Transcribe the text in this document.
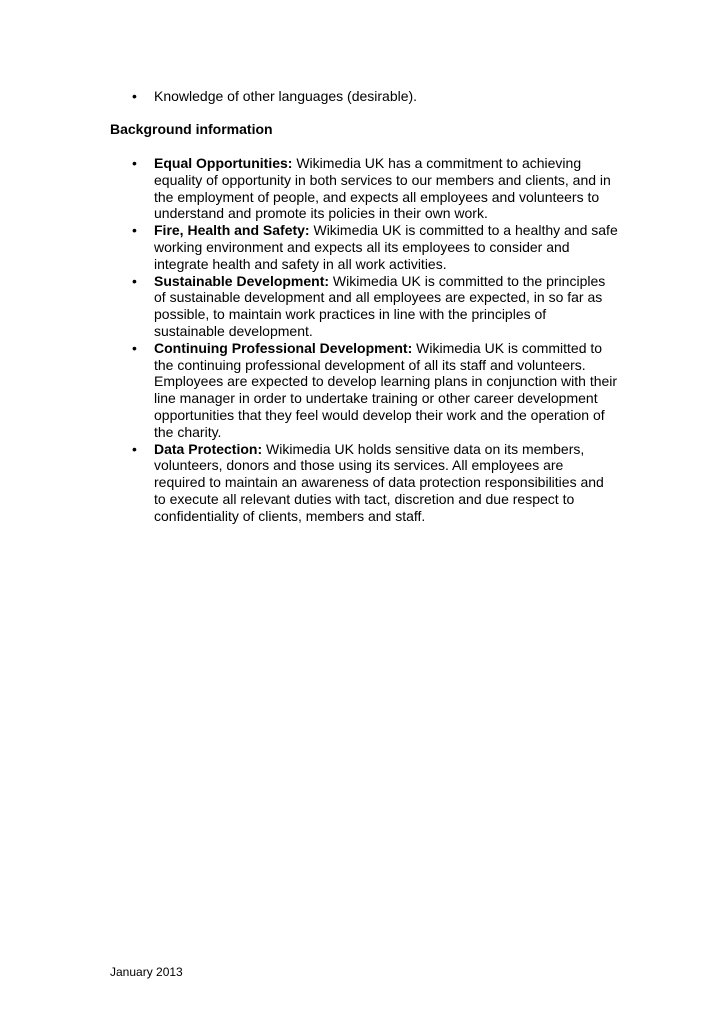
•	Knowledge of other languages (desirable).
Background information
•	Equal Opportunities: Wikimedia UK has a commitment to achieving equality of opportunity in both services to our members and clients, and in the employment of people, and expects all employees and volunteers to understand and promote its policies in their own work.
•	Fire, Health and Safety: Wikimedia UK is committed to a healthy and safe working environment and expects all its employees to consider and integrate health and safety in all work activities.
•	Sustainable Development: Wikimedia UK is committed to the principles of sustainable development and all employees are expected, in so far as possible, to maintain work practices in line with the principles of sustainable development.
•	Continuing Professional Development: Wikimedia UK is committed to the continuing professional development of all its staff and volunteers. Employees are expected to develop learning plans in conjunction with their line manager in order to undertake training or other career development opportunities that they feel would develop their work and the operation of the charity.
•	Data Protection: Wikimedia UK holds sensitive data on its members, volunteers, donors and those using its services. All employees are required to maintain an awareness of data protection responsibilities and to execute all relevant duties with tact, discretion and due respect to confidentiality of clients, members and staff.
January 2013
